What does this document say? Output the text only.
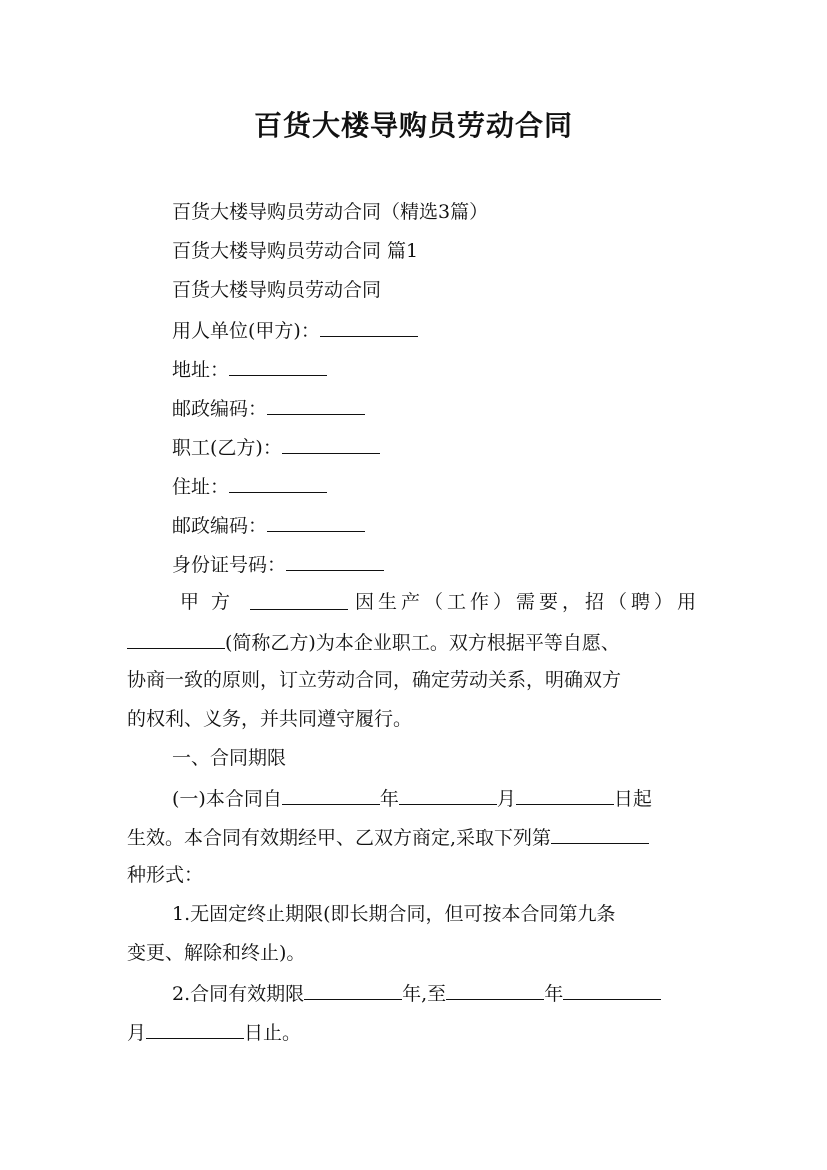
百货大楼导购员劳动合同
百货大楼导购员劳动合同（精选3篇）
百货大楼导购员劳动合同 篇1
百货大楼导购员劳动合同
用人单位(甲方)：
地址：
邮政编码：
职工(乙方)：
住址：
邮政编码：
身份证号码：
甲方	因生产（工作）需要，招（聘）用
(简称乙方)为本企业职工。双方根据平等自愿、
协商一致的原则，订立劳动合同，确定劳动关系，明确双方
的权利、义务，并共同遵守履行。
一、合同期限
(一)本合同自	年	月	日起
生效。本合同有效期经甲、乙双方商定,采取下列第
种形式：
1.无固定终止期限(即长期合同，但可按本合同第九条
变更、解除和终止)。
2.合同有效期限	年,至	年
月	日止。
